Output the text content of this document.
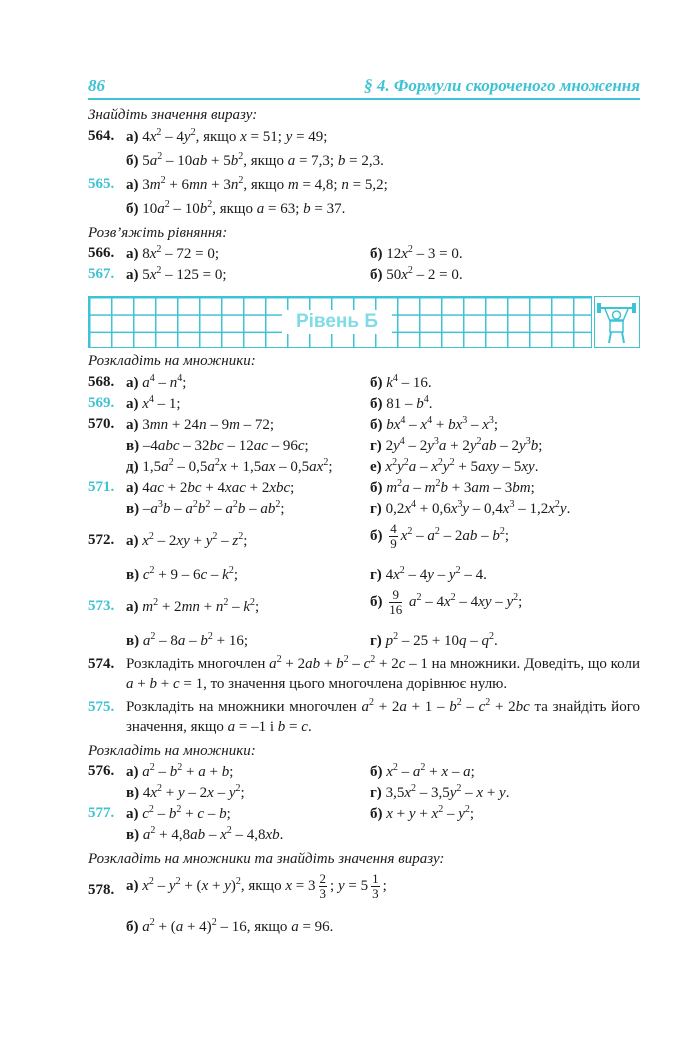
86	§ 4. Формули скороченого множення
Знайдіть значення виразу:
564. а) $4x^2 - 4y^2$, якщо x = 51; y = 49;
б) $5a^2 - 10ab + 5b^2$, якщо a = 7,3; b = 2,3.
565. а) $3m^2 + 6mn + 3n^2$, якщо m = 4,8; n = 5,2;
б) $10a^2 - 10b^2$, якщо a = 63; b = 37.
Розв’яжіть рівняння:
566. а) $8x^2 - 72 = 0$;	б) $12x^2 - 3 = 0$.
567. а) $5x^2 - 125 = 0$;	б) $50x^2 - 2 = 0$.
Рівень Б
Розкладіть на множники:
568. а) $a^4 - n^4$;	б) $k^4 - 16$.
569. а) $x^4 - 1$;	б) $81 - b^4$.
570. а) 3mn + 24n – 9m – 72;	б) $bx^4 - x^4 + bx^3 - x^3$;
в) –4abc – 32bc – 12ac – 96c;	г) $2y^4 - 2y^3a + 2y^2ab - 2y^3b$;
д) $1,5a^2 - 0,5a^2x + 1,5ax - 0,5ax^2$;	е) $x^2y^2a - x^2y^2 + 5axy - 5xy$.
571. а) 4ac + 2bc + 4xac + 2xbc;	б) $m^2a - m^2b + 3am - 3bm$;
в) $-a^3b - a^2b^2 - a^2b - ab^2$;	г) $0,2x^4 + 0,6x^3y - 0,4x^3 - 1,2x^2y$.
572. а) $x^2 - 2xy + y^2 - z^2$;	$б) \frac{4}{9} x^2 - a^2 - 2ab - b^2$;
в) $c^2 + 9 - 6c - k^2$;	г) $4x^2 - 4y - y^2 - 4$.
573. а) $m^2 + 2mn + n^2 - k^2$;	$б) \frac{9}{16} a^2 - 4x^2 - 4xy - y^2$;
в) $a^2 - 8a - b^2 + 16$;	г) $p^2 - 25 + 10q - q^2$.
574. Розкладіть многочлен $a^2 + 2ab + b^2 - c^2 + 2c - 1$ на множники. Доведіть, що коли a + b + c = 1, то значення цього многочлена дорівнює нулю.
575. Розкладіть на множники многочлен $a^2 + 2a + 1 - b^2 - c^2 + 2bc$ та знайдіть його значення, якщо a = –1 і b = c.
Розкладіть на множники:
576. а) $a^2 - b^2 + a + b$;	б) $x^2 - a^2 + x - a$;
в) $4x^2 + y - 2x - y^2$;	г) $3,5x^2 - 3,5y^2 - x + y$.
577. а) $c^2 - b^2 + c - b$;	б) $x + y + x^2 - y^2$;
в) $a^2 + 4,8ab - x^2 - 4,8xb$.
Розкладіть на множники та знайдіть значення виразу:
578. а) $x^2 - y^2 + (x + y)^2$, якщо $x = 3 \frac{2}{3}$ ; $y = 5 \frac{1}{3}$ ;
б) $a^2 + (a + 4)^2 - 16$, якщо a = 96.
